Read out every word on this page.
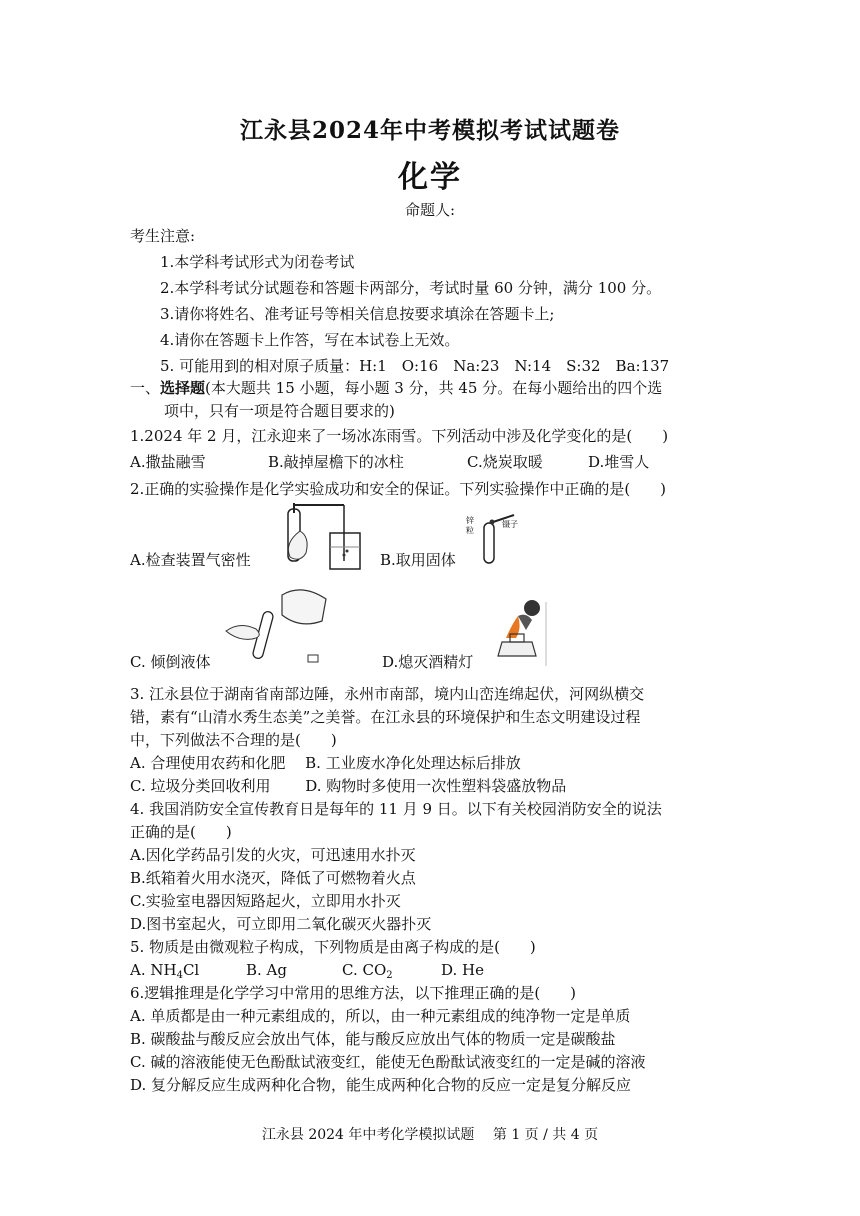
江永县2024年中考模拟考试试题卷
化学
命题人:
考生注意:
1.本学科考试形式为闭卷考试
2.本学科考试分试题卷和答题卡两部分，考试时量 60 分钟，满分 100 分。
3.请你将姓名、准考证号等相关信息按要求填涂在答题卡上;
4.请你在答题卡上作答，写在本试卷上无效。
5. 可能用到的相对原子质量：H:1　O:16　Na:23　N:14　S:32　Ba:137
一、选择题(本大题共 15 小题，每小题 3 分，共 45 分。在每小题给出的四个选
项中，只有一项是符合题目要求的)
1.2024 年 2 月，江永迎来了一场冰冻雨雪。下列活动中涉及化学变化的是(　　)
A.撒盐融雪	B.敲掉屋檐下的冰柱	C.烧炭取暖	D.堆雪人
2.正确的实验操作是化学实验成功和安全的保证。下列实验操作中正确的是(　　)
A.检查装置气密性
锌
粒
镊子
B.取用固体
C. 倾倒液体	D.熄灭酒精灯
3. 江永县位于湖南省南部边陲，永州市南部，境内山峦连绵起伏，河网纵横交
错，素有“山清水秀生态美”之美誉。在江永县的环境保护和生态文明建设过程
中，下列做法不合理的是(　　)
A. 合理使用农药和化肥　 B. 工业废水净化处理达标后排放
C. 垃圾分类回收利用　　 D. 购物时多使用一次性塑料袋盛放物品
4. 我国消防安全宣传教育日是每年的 11 月 9 日。以下有关校园消防安全的说法
正确的是(　　)
A.因化学药品引发的火灾，可迅速用水扑灭
B.纸箱着火用水浇灭，降低了可燃物着火点
C.实验室电器因短路起火，立即用水扑灭
D.图书室起火，可立即用二氧化碳灭火器扑灭
5. 物质是由微观粒子构成，下列物质是由离子构成的是(　　)
A. $NH_4Cl$	B. Ag	C. $CO_2$	D. He
6.逻辑推理是化学学习中常用的思维方法，以下推理正确的是(　　)
A. 单质都是由一种元素组成的，所以，由一种元素组成的纯净物一定是单质
B. 碳酸盐与酸反应会放出气体，能与酸反应放出气体的物质一定是碳酸盐
C. 碱的溶液能使无色酚酞试液变红，能使无色酚酞试液变红的一定是碱的溶液
D. 复分解反应生成两种化合物，能生成两种化合物的反应一定是复分解反应
江永县 2024 年中考化学模拟试题　 第 1 页 / 共 4 页
